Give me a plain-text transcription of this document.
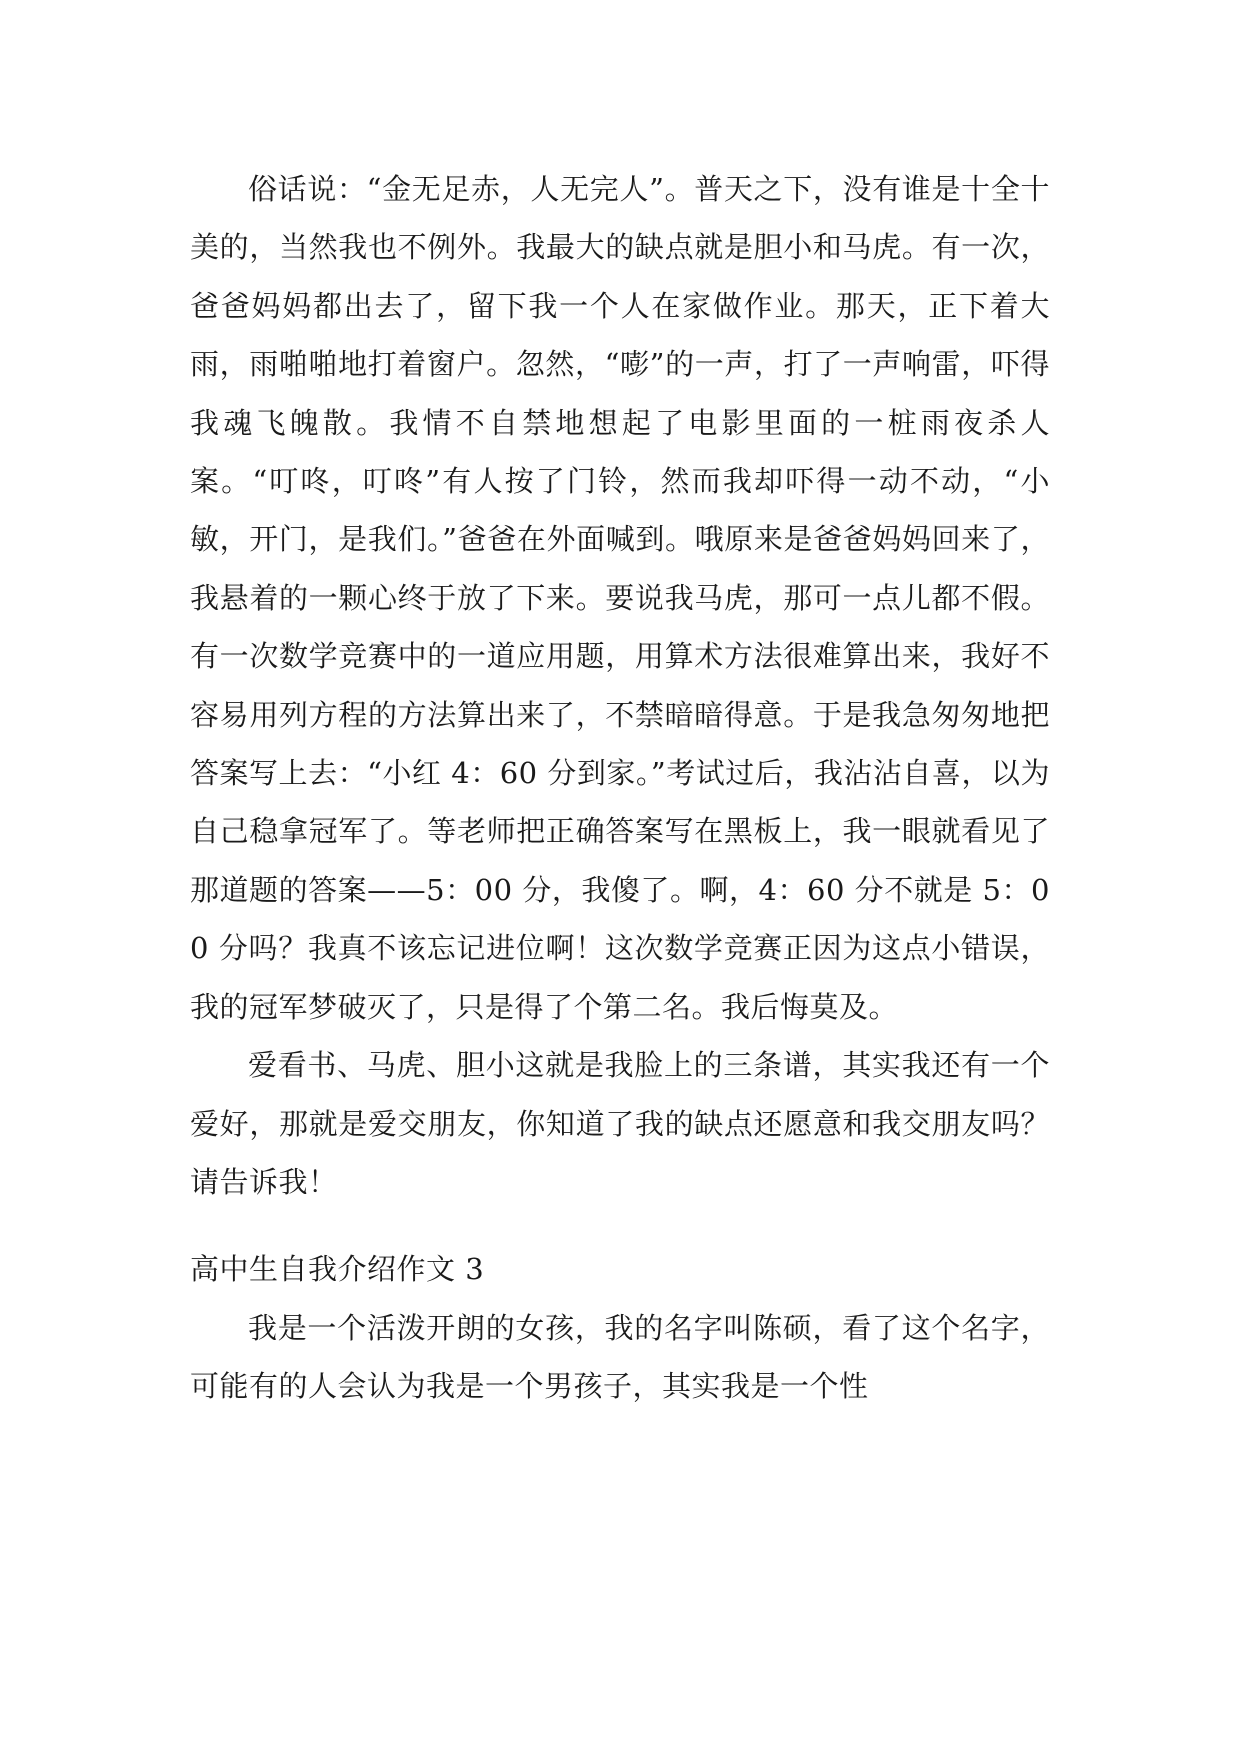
俗话说：“金无足赤，人无完人”。普天之下，没有谁是十全十美的，当然我也不例外。我最大的缺点就是胆小和马虎。有一次，爸爸妈妈都出去了，留下我一个人在家做作业。那天，正下着大雨，雨啪啪地打着窗户。忽然，“嘭”的一声，打了一声响雷，吓得我魂飞魄散。我情不自禁地想起了电影里面的一桩雨夜杀人案。“叮咚，叮咚”有人按了门铃，然而我却吓得一动不动，“小敏，开门，是我们。”爸爸在外面喊到。哦原来是爸爸妈妈回来了，我悬着的一颗心终于放了下来。要说我马虎，那可一点儿都不假。有一次数学竞赛中的一道应用题，用算术方法很难算出来，我好不容易用列方程的方法算出来了，不禁暗暗得意。于是我急匆匆地把答案写上去：“小红 4：60 分到家。”考试过后，我沾沾自喜，以为自己稳拿冠军了。等老师把正确答案写在黑板上，我一眼就看见了那道题的答案——5：00 分，我傻了。啊，4：60 分不就是 5：00 分吗？我真不该忘记进位啊！这次数学竞赛正因为这点小错误，我的冠军梦破灭了，只是得了个第二名。我后悔莫及。

爱看书、马虎、胆小这就是我脸上的三条谱，其实我还有一个爱好，那就是爱交朋友，你知道了我的缺点还愿意和我交朋友吗？请告诉我！

高中生自我介绍作文 3

我是一个活泼开朗的女孩，我的名字叫陈硕，看了这个名字，可能有的人会认为我是一个男孩子，其实我是一个性
